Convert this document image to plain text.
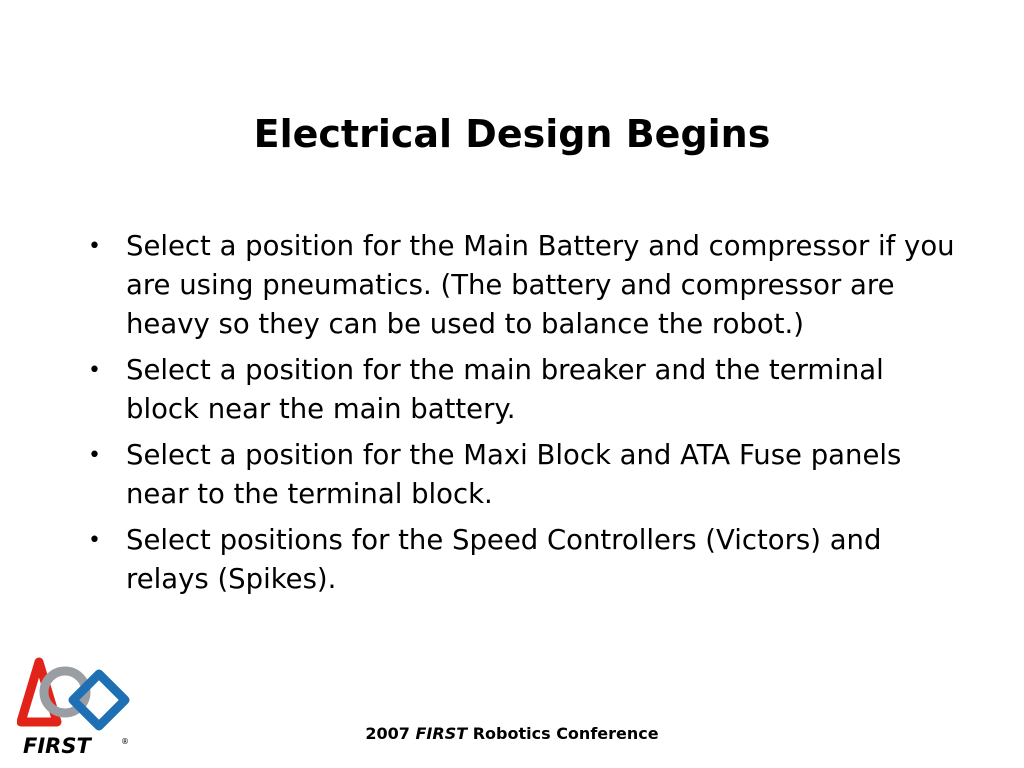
Electrical Design Begins
• Select a position for the Main Battery and compressor if you are using pneumatics. (The battery and compressor are heavy so they can be used to balance the robot.)
• Select a position for the main breaker and the terminal block near the main battery.
• Select a position for the Maxi Block and ATA Fuse panels near to the terminal block.
• Select positions for the Speed Controllers (Victors) and relays (Spikes).
FIRST	®	2007 FIRST Robotics Conference
